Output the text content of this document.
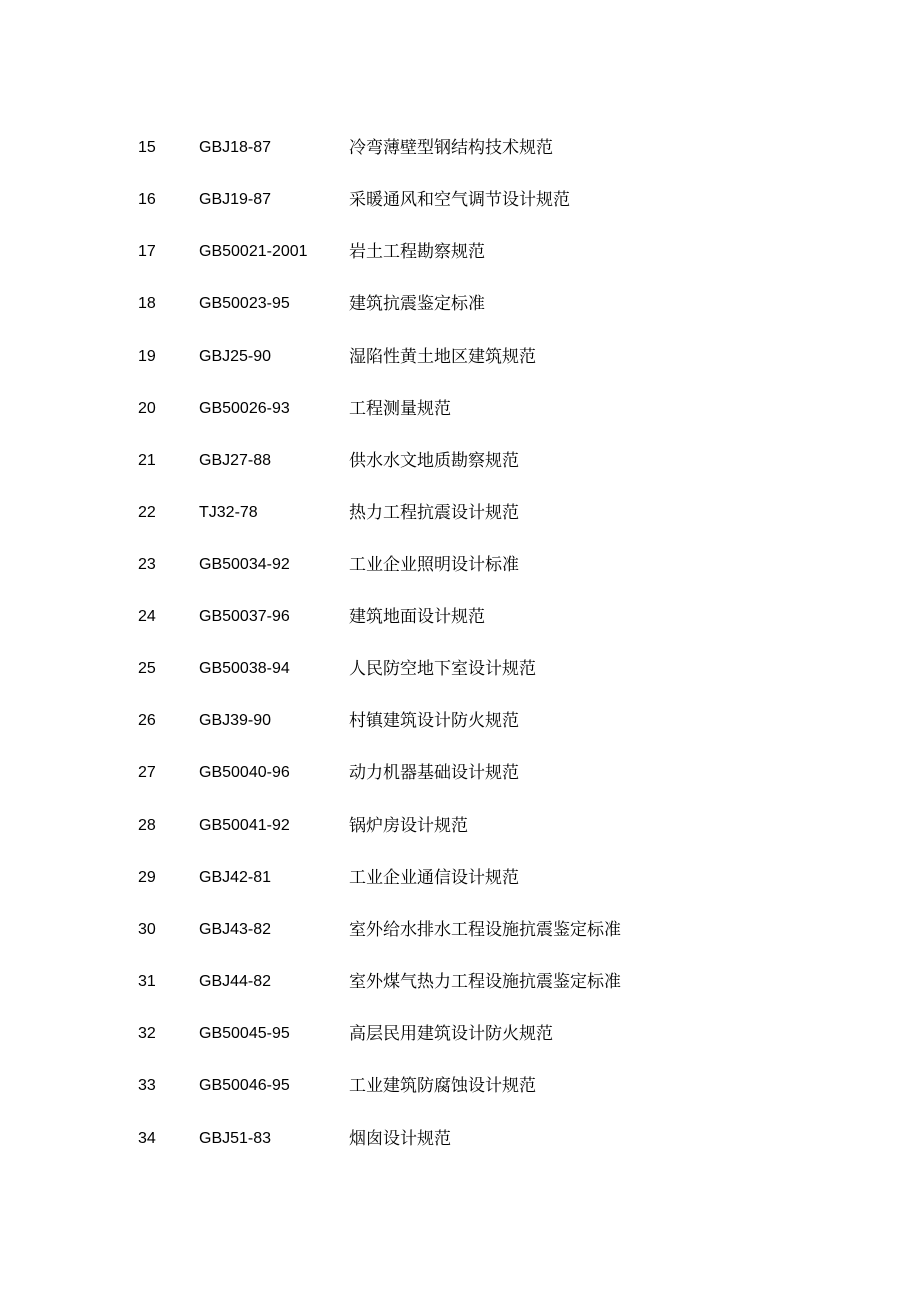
15	GBJ18-87	冷弯薄壁型钢结构技术规范
16	GBJ19-87	采暖通风和空气调节设计规范
17	GB50021-2001 岩土工程勘察规范
18	GB50023-95	建筑抗震鉴定标准
19	GBJ25-90	湿陷性黄土地区建筑规范
20	GB50026-93	工程测量规范
21	GBJ27-88	供水水文地质勘察规范
22	TJ32-78	热力工程抗震设计规范
23	GB50034-92	工业企业照明设计标准
24	GB50037-96	建筑地面设计规范
25	GB50038-94	人民防空地下室设计规范
26	GBJ39-90	村镇建筑设计防火规范
27	GB50040-96	动力机器基础设计规范
28	GB50041-92	锅炉房设计规范
29	GBJ42-81	工业企业通信设计规范
30	GBJ43-82	室外给水排水工程设施抗震鉴定标准
31	GBJ44-82	室外煤气热力工程设施抗震鉴定标准
32	GB50045-95	高层民用建筑设计防火规范
33	GB50046-95	工业建筑防腐蚀设计规范
34	GBJ51-83	烟囱设计规范
